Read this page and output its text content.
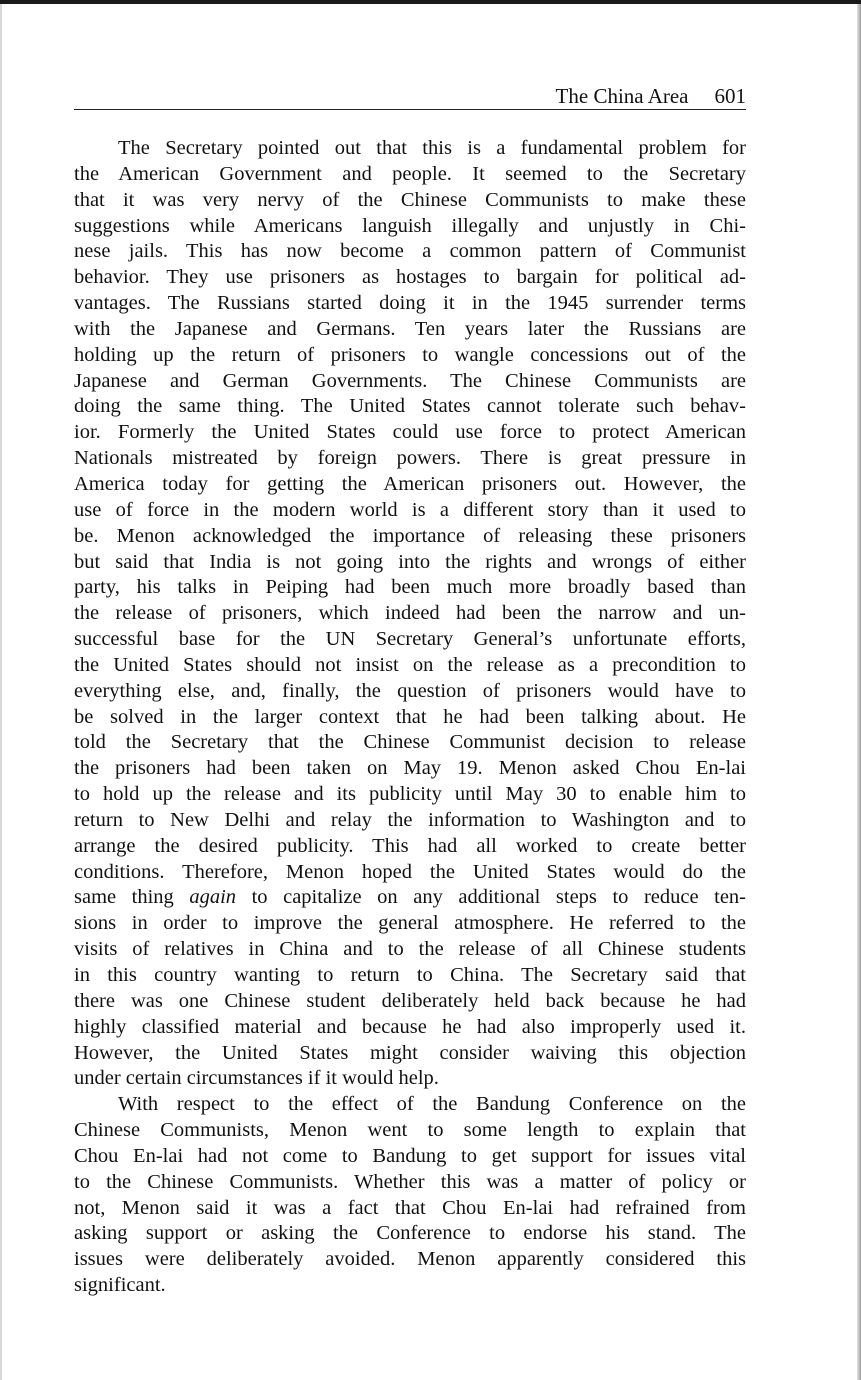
The China Area 601
The Secretary pointed out that this is a fundamental problem for
the American Government and people. It seemed to the Secretary
that it was very nervy of the Chinese Communists to make these
suggestions while Americans languish illegally and unjustly in Chi-
nese jails. This has now become a common pattern of Communist
behavior. They use prisoners as hostages to bargain for political ad-
vantages. The Russians started doing it in the 1945 surrender terms
with the Japanese and Germans. Ten years later the Russians are
holding up the return of prisoners to wangle concessions out of the
Japanese and German Governments. The Chinese Communists are
doing the same thing. The United States cannot tolerate such behav-
ior. Formerly the United States could use force to protect American
Nationals mistreated by foreign powers. There is great pressure in
America today for getting the American prisoners out. However, the
use of force in the modern world is a different story than it used to
be. Menon acknowledged the importance of releasing these prisoners
but said that India is not going into the rights and wrongs of either
party, his talks in Peiping had been much more broadly based than
the release of prisoners, which indeed had been the narrow and un-
successful base for the UN Secretary General’s unfortunate efforts,
the United States should not insist on the release as a precondition to
everything else, and, finally, the question of prisoners would have to
be solved in the larger context that he had been talking about. He
told the Secretary that the Chinese Communist decision to release
the prisoners had been taken on May 19. Menon asked Chou En-lai
to hold up the release and its publicity until May 30 to enable him to
return to New Delhi and relay the information to Washington and to
arrange the desired publicity. This had all worked to create better
conditions. Therefore, Menon hoped the United States would do the
same thing again to capitalize on any additional steps to reduce ten-
sions in order to improve the general atmosphere. He referred to the
visits of relatives in China and to the release of all Chinese students
in this country wanting to return to China. The Secretary said that
there was one Chinese student deliberately held back because he had
highly classified material and because he had also improperly used it.
However, the United States might consider waiving this objection
under certain circumstances if it would help.
With respect to the effect of the Bandung Conference on the
Chinese Communists, Menon went to some length to explain that
Chou En-lai had not come to Bandung to get support for issues vital
to the Chinese Communists. Whether this was a matter of policy or
not, Menon said it was a fact that Chou En-lai had refrained from
asking support or asking the Conference to endorse his stand. The
issues were deliberately avoided. Menon apparently considered this
significant.
